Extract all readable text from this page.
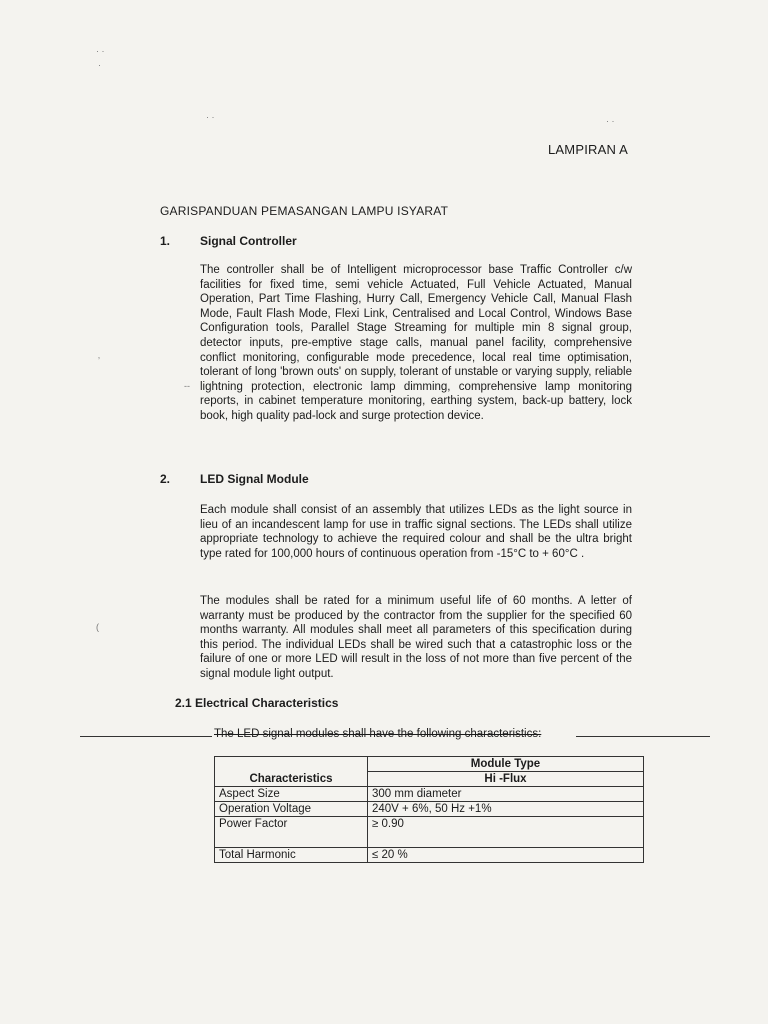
LAMPIRAN A
GARISPANDUAN PEMASANGAN LAMPU ISYARAT
1. Signal Controller

The controller shall be of Intelligent microprocessor base Traffic Controller c/w facilities for fixed time, semi vehicle Actuated, Full Vehicle Actuated, Manual Operation, Part Time Flashing, Hurry Call, Emergency Vehicle Call, Manual Flash Mode, Fault Flash Mode, Flexi Link, Centralised and Local Control, Windows Base Configuration tools, Parallel Stage Streaming for multiple min 8 signal group, detector inputs, pre-emptive stage calls, manual panel facility, comprehensive conflict monitoring, configurable mode precedence, local real time optimisation, tolerant of long 'brown outs' on supply, tolerant of unstable or varying supply, reliable lightning protection, electronic lamp dimming, comprehensive lamp monitoring reports, in cabinet temperature monitoring, earthing system, back-up battery, lock book, high quality pad-lock and surge protection device.

2. LED Signal Module

Each module shall consist of an assembly that utilizes LEDs as the light source in lieu of an incandescent lamp for use in traffic signal sections. The LEDs shall utilize appropriate technology to achieve the required colour and shall be the ultra bright type rated for 100,000 hours of continuous operation from -15°C to + 60°C .

The modules shall be rated for a minimum useful life of 60 months. A letter of warranty must be produced by the contractor from the supplier for the specified 60 months warranty. All modules shall meet all parameters of this specification during this period. The individual LEDs shall be wired such that a catastrophic loss or the failure of one or more LED will result in the loss of not more than five percent of the signal module light output.

2.1 Electrical Characteristics
The LED signal modules shall have the following characteristics:
	Module Type
Characteristics	Hi -Flux
Aspect Size	300 mm diameter
Operation Voltage	240V + 6%, 50 Hz +1%
Power Factor	≥ 0.90
Total Harmonic	≤ 20 %
· ·
·
· ·	· ·
ʼ
--
(
